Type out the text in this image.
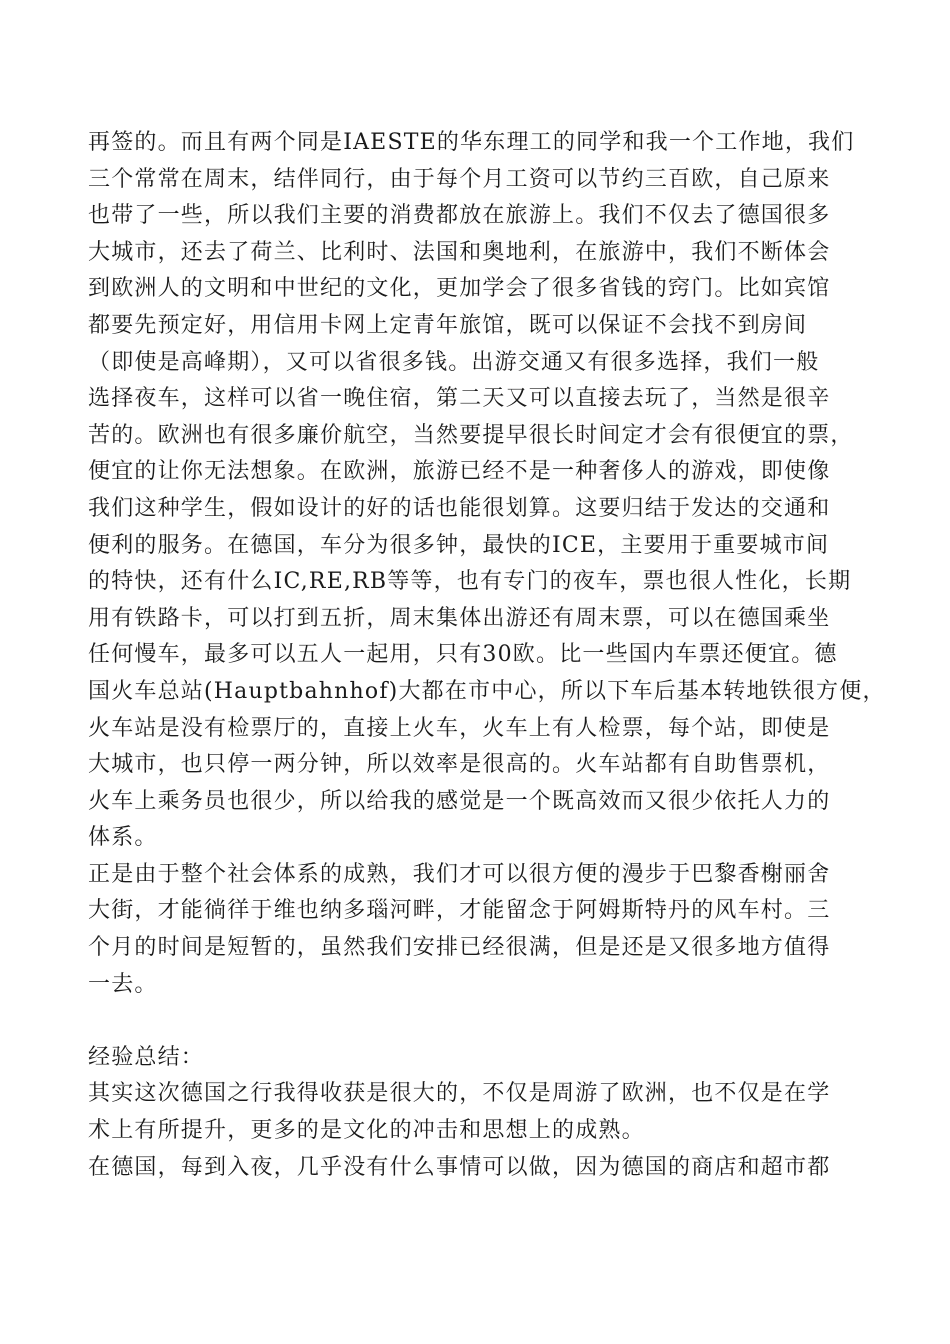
再签的。而且有两个同是IAESTE的华东理工的同学和我一个工作地，我们
三个常常在周末，结伴同行，由于每个月工资可以节约三百欧，自己原来
也带了一些，所以我们主要的消费都放在旅游上。我们不仅去了德国很多
大城市，还去了荷兰、比利时、法国和奥地利，在旅游中，我们不断体会
到欧洲人的文明和中世纪的文化，更加学会了很多省钱的窍门。比如宾馆
都要先预定好，用信用卡网上定青年旅馆，既可以保证不会找不到房间
（即使是高峰期），又可以省很多钱。出游交通又有很多选择，我们一般
选择夜车，这样可以省一晚住宿，第二天又可以直接去玩了，当然是很辛
苦的。欧洲也有很多廉价航空，当然要提早很长时间定才会有很便宜的票，
便宜的让你无法想象。在欧洲，旅游已经不是一种奢侈人的游戏，即使像
我们这种学生，假如设计的好的话也能很划算。这要归结于发达的交通和
便利的服务。在德国，车分为很多钟，最快的ICE，主要用于重要城市间
的特快，还有什么IC,RE,RB等等，也有专门的夜车，票也很人性化，长期
用有铁路卡，可以打到五折，周末集体出游还有周末票，可以在德国乘坐
任何慢车，最多可以五人一起用，只有30欧。比一些国内车票还便宜。德
国火车总站(Hauptbahnhof)大都在市中心，所以下车后基本转地铁很方便，
火车站是没有检票厅的，直接上火车，火车上有人检票，每个站，即使是
大城市，也只停一两分钟，所以效率是很高的。火车站都有自助售票机，
火车上乘务员也很少，所以给我的感觉是一个既高效而又很少依托人力的
体系。
正是由于整个社会体系的成熟，我们才可以很方便的漫步于巴黎香榭丽舍
大街，才能徜徉于维也纳多瑙河畔，才能留念于阿姆斯特丹的风车村。三
个月的时间是短暂的，虽然我们安排已经很满，但是还是又很多地方值得
一去。
经验总结：
其实这次德国之行我得收获是很大的，不仅是周游了欧洲，也不仅是在学
术上有所提升，更多的是文化的冲击和思想上的成熟。
在德国，每到入夜，几乎没有什么事情可以做，因为德国的商店和超市都
